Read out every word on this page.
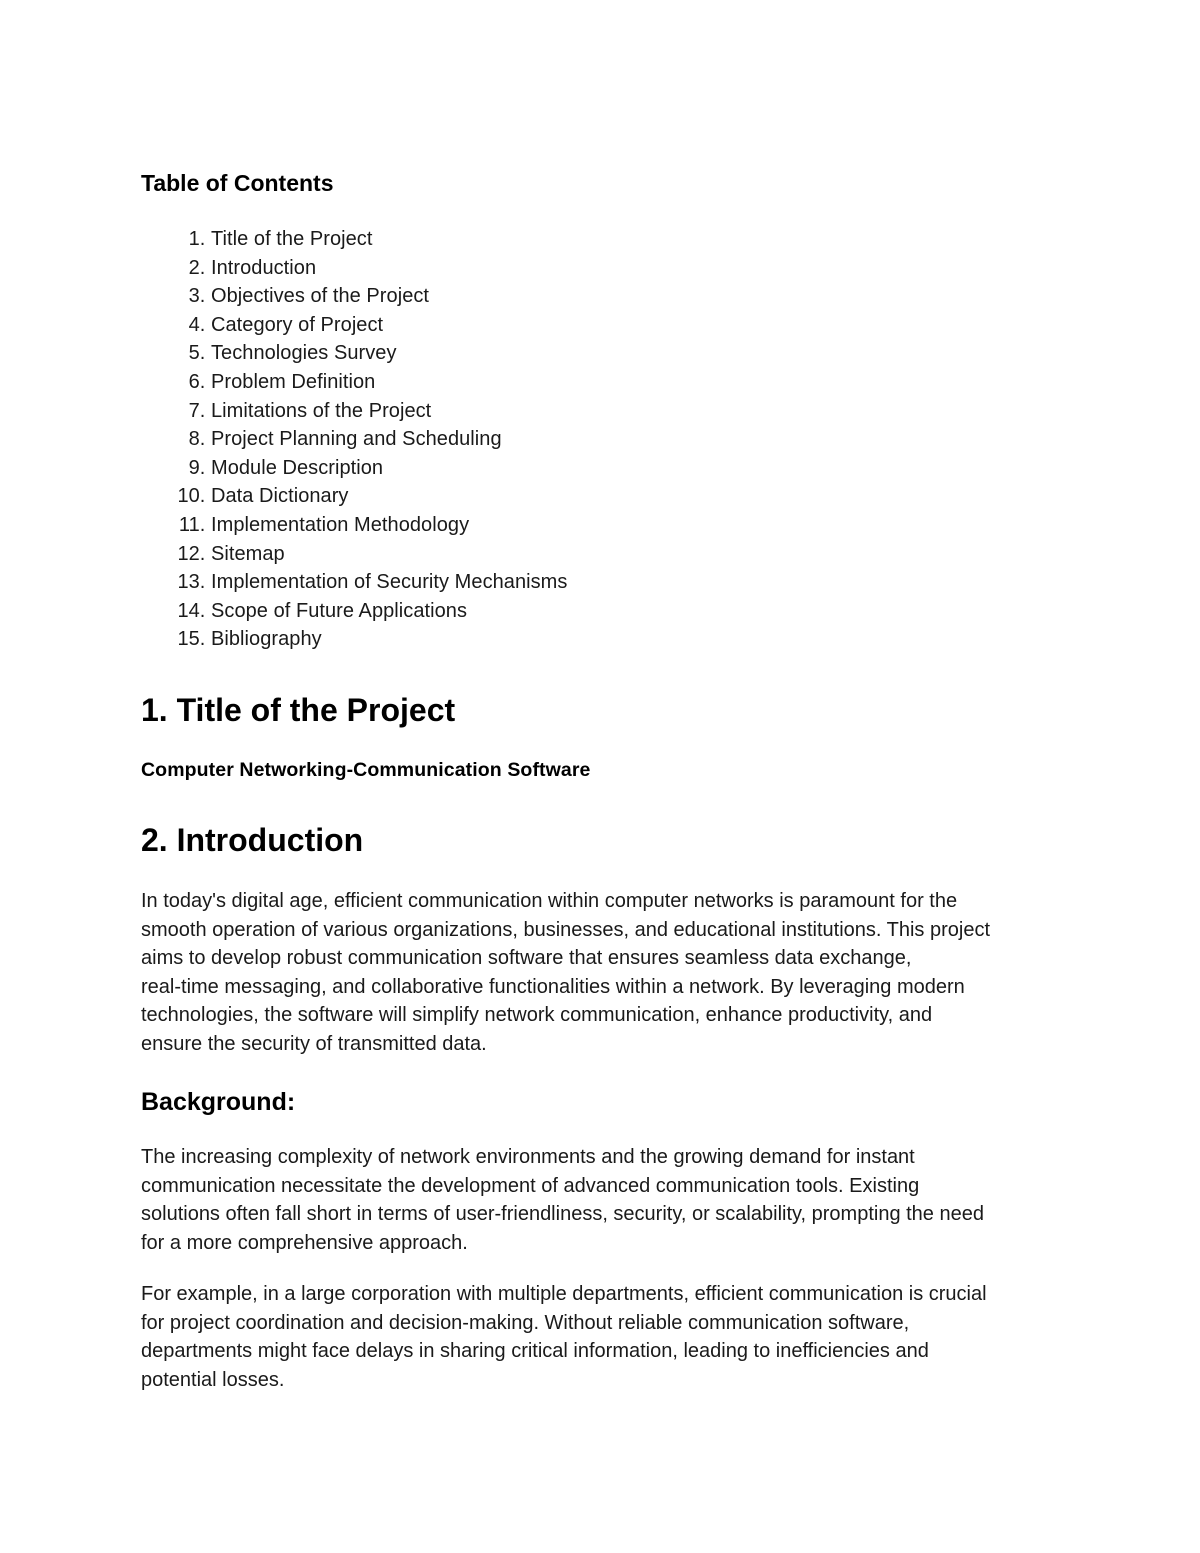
Table of Contents
1. Title of the Project
2. Introduction
3. Objectives of the Project
4. Category of Project
5. Technologies Survey
6. Problem Definition
7. Limitations of the Project
8. Project Planning and Scheduling
9. Module Description
10. Data Dictionary
11. Implementation Methodology
12. Sitemap
13. Implementation of Security Mechanisms
14. Scope of Future Applications
15. Bibliography
1. Title of the Project
Computer Networking-Communication Software
2. Introduction
In today's digital age, efficient communication within computer networks is paramount for the
smooth operation of various organizations, businesses, and educational institutions. This project
aims to develop robust communication software that ensures seamless data exchange,
real-time messaging, and collaborative functionalities within a network. By leveraging modern
technologies, the software will simplify network communication, enhance productivity, and
ensure the security of transmitted data.
Background:
The increasing complexity of network environments and the growing demand for instant
communication necessitate the development of advanced communication tools. Existing
solutions often fall short in terms of user-friendliness, security, or scalability, prompting the need
for a more comprehensive approach.
For example, in a large corporation with multiple departments, efficient communication is crucial
for project coordination and decision-making. Without reliable communication software,
departments might face delays in sharing critical information, leading to inefficiencies and
potential losses.
